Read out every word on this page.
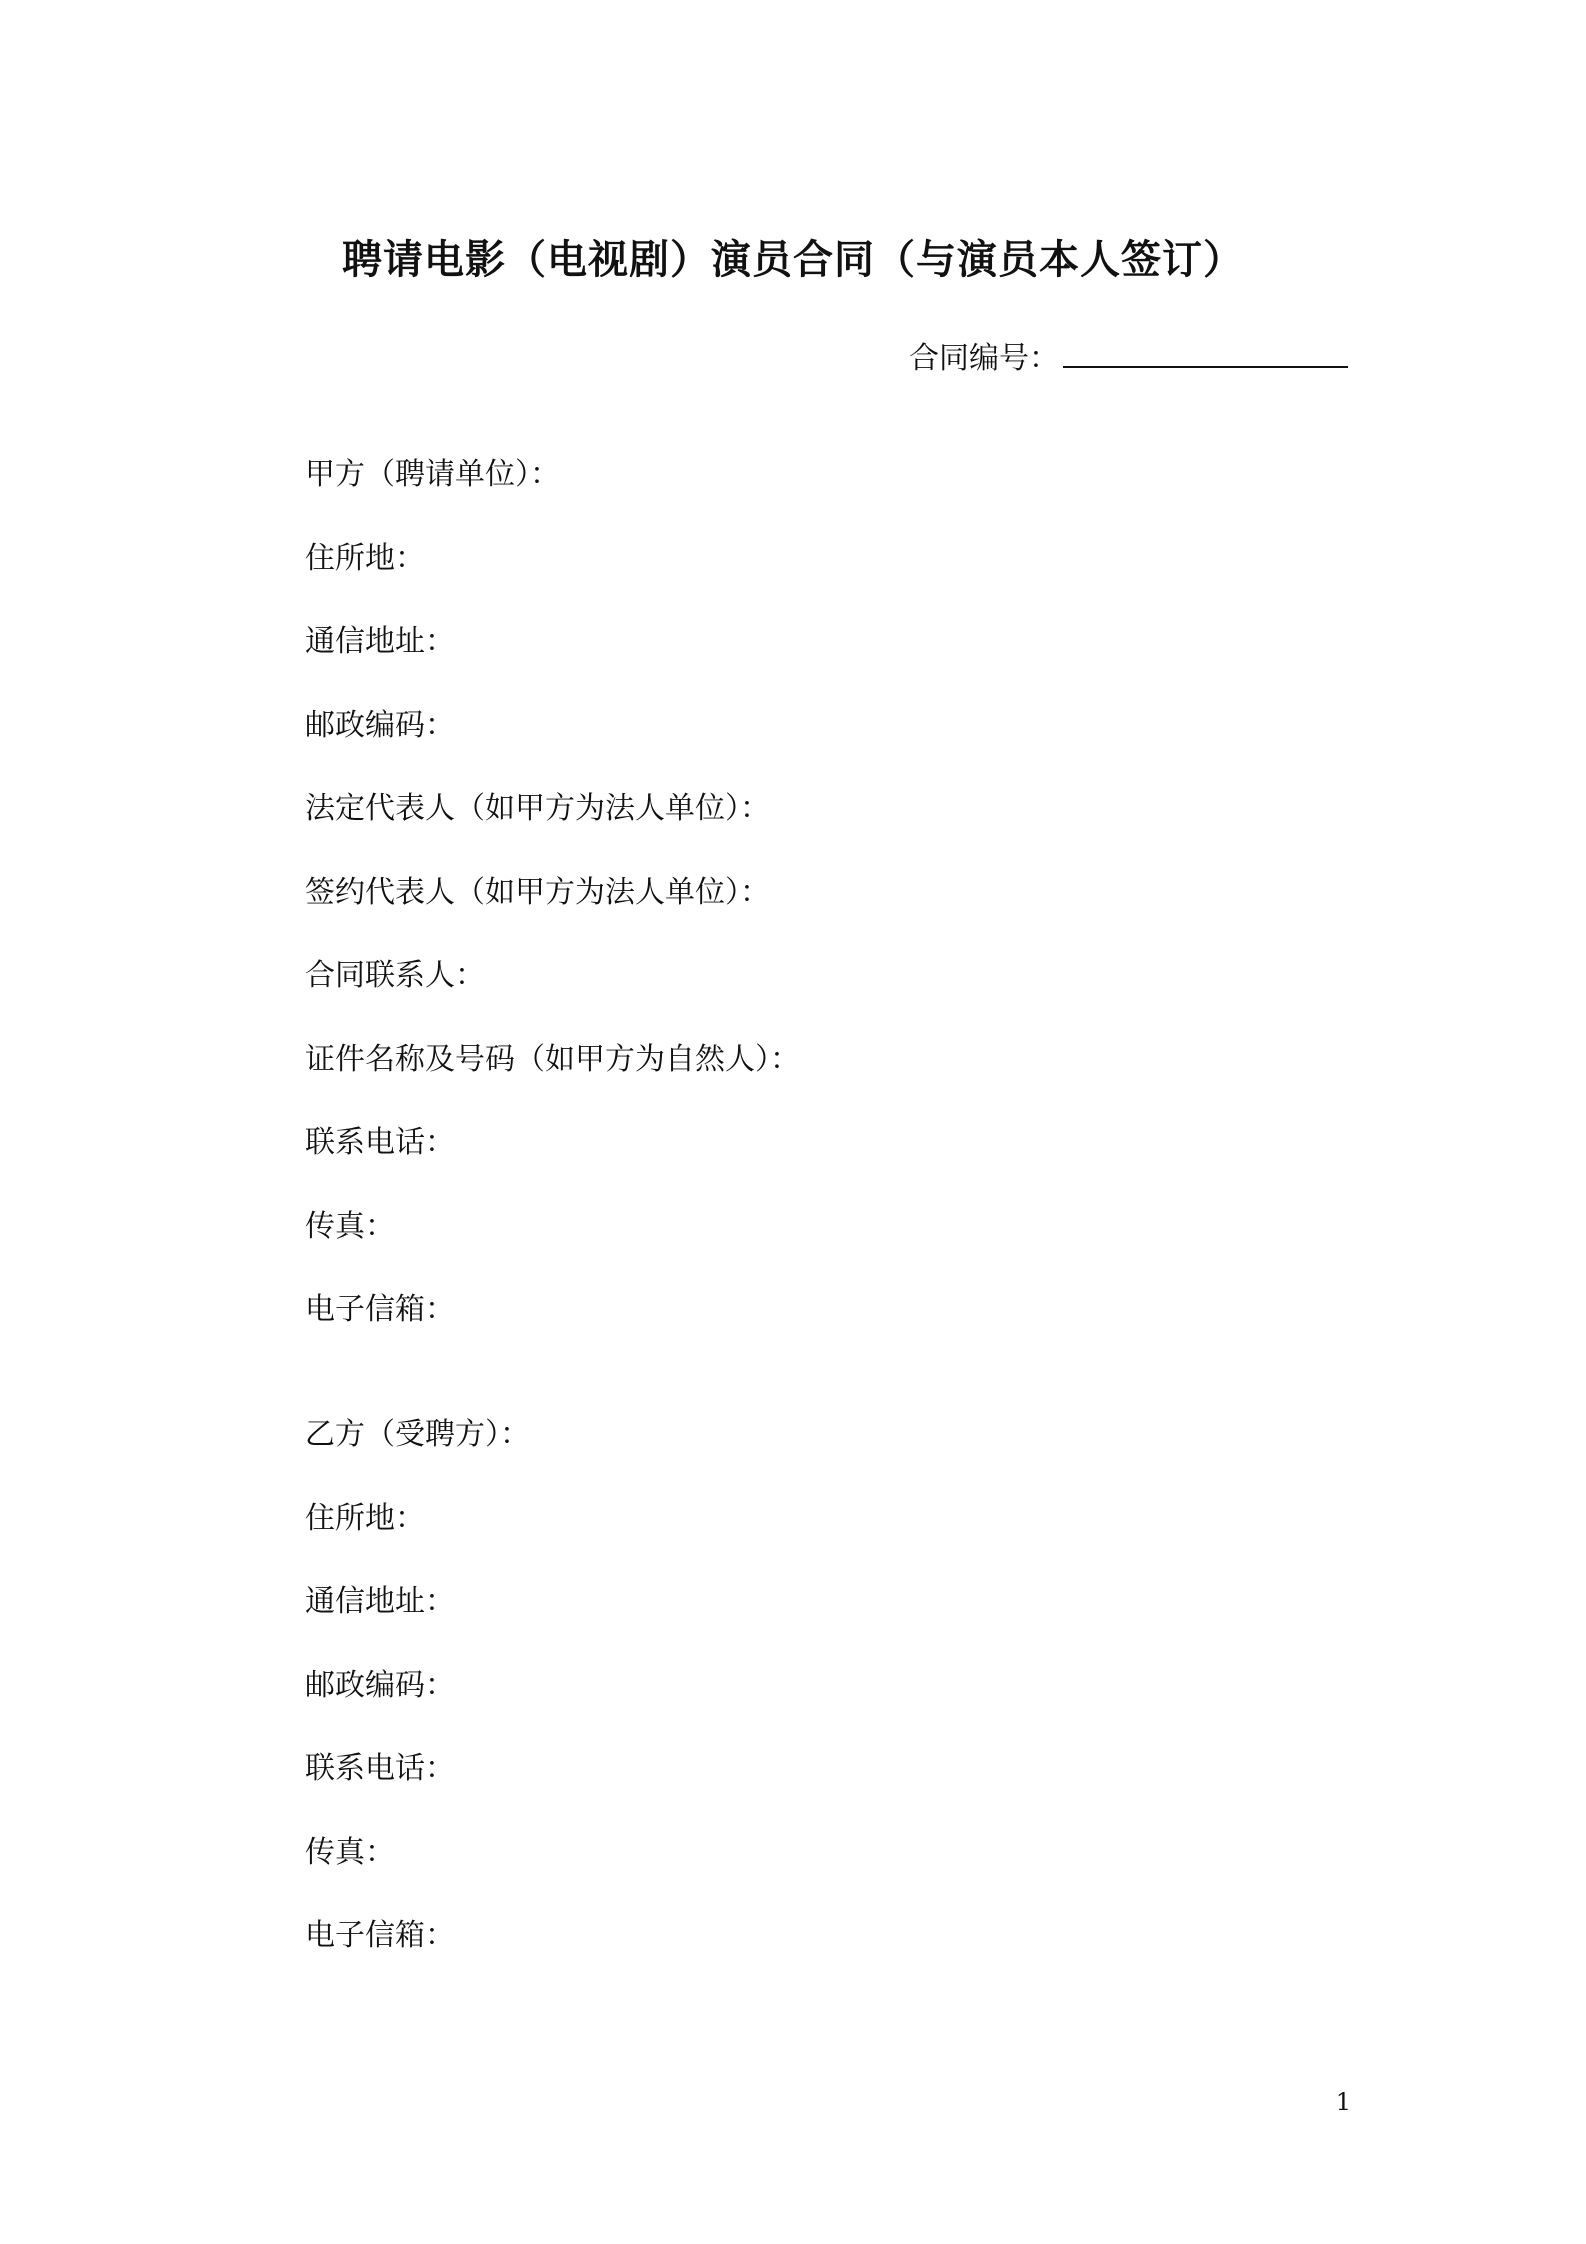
聘请电影（电视剧）演员合同（与演员本人签订）
合同编号：
甲方（聘请单位）：
住所地：
通信地址：
邮政编码：
法定代表人（如甲方为法人单位）：
签约代表人（如甲方为法人单位）：
合同联系人：
证件名称及号码（如甲方为自然人）：
联系电话：
传真：
电子信箱：
乙方（受聘方）：
住所地：
通信地址：
邮政编码：
联系电话：
传真：
电子信箱：
1
